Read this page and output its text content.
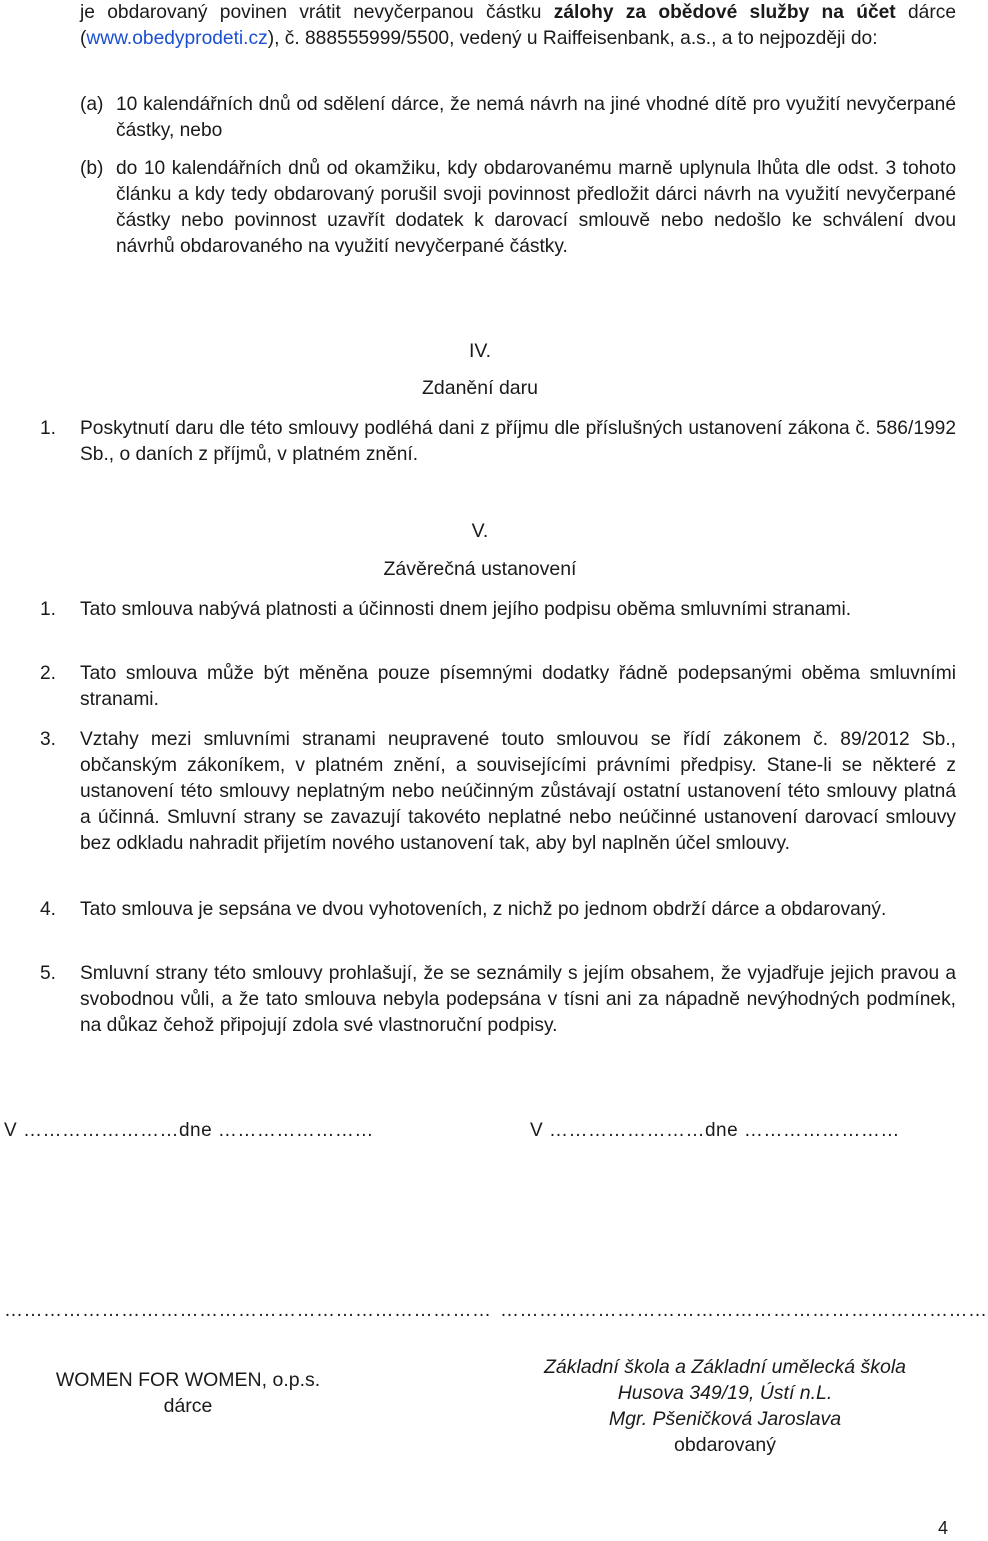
je obdarovaný povinen vrátit nevyčerpanou částku zálohy za obědové služby na účet dárce (www.obedyprodeti.cz), č. 888555999/5500, vedený u Raiffeisenbank, a.s., a to nejpozději do:
(a) 10 kalendářních dnů od sdělení dárce, že nemá návrh na jiné vhodné dítě pro využití nevyčerpané částky, nebo
(b) do 10 kalendářních dnů od okamžiku, kdy obdarovanému marně uplynula lhůta dle odst. 3 tohoto článku a kdy tedy obdarovaný porušil svoji povinnost předložit dárci návrh na využití nevyčerpané částky nebo povinnost uzavřít dodatek k darovací smlouvě nebo nedošlo ke schválení dvou návrhů obdarovaného na využití nevyčerpané částky.
IV.
Zdanění daru
1.	Poskytnutí daru dle této smlouvy podléhá dani z příjmu dle příslušných ustanovení zákona č. 586/1992 Sb., o daních z příjmů, v platném znění.
V.
Závěrečná ustanovení
1.	Tato smlouva nabývá platnosti a účinnosti dnem jejího podpisu oběma smluvními stranami.
2.	Tato smlouva může být měněna pouze písemnými dodatky řádně podepsanými oběma smluvními stranami.
3.	Vztahy mezi smluvními stranami neupravené touto smlouvou se řídí zákonem č. 89/2012 Sb., občanským zákoníkem, v platném znění, a souvisejícími právními předpisy. Stane-li se některé z ustanovení této smlouvy neplatným nebo neúčinným zůstávají ostatní ustanovení této smlouvy platná a účinná. Smluvní strany se zavazují takovéto neplatné nebo neúčinné ustanovení darovací smlouvy bez odkladu nahradit přijetím nového ustanovení tak, aby byl naplněn účel smlouvy.
4.	Tato smlouva je sepsána ve dvou vyhotoveních, z nichž po jednom obdrží dárce a obdarovaný.
5.	Smluvní strany této smlouvy prohlašují, že se seznámily s jejím obsahem, že vyjadřuje jejich pravou a svobodnou vůli, a že tato smlouva nebyla podepsána v tísni ani za nápadně nevýhodných podmínek, na důkaz čehož připojují zdola své vlastnoruční podpisy.
V ……………………dne ……………………	V ……………………dne ……………………
………………………………………………………………… …………………………………………………………………
WOMEN FOR WOMEN, o.p.s.
dárce
Základní škola a Základní umělecká škola
Husova 349/19, Ústí n.L.
Mgr. Pšeničková Jaroslava
obdarovaný
4
